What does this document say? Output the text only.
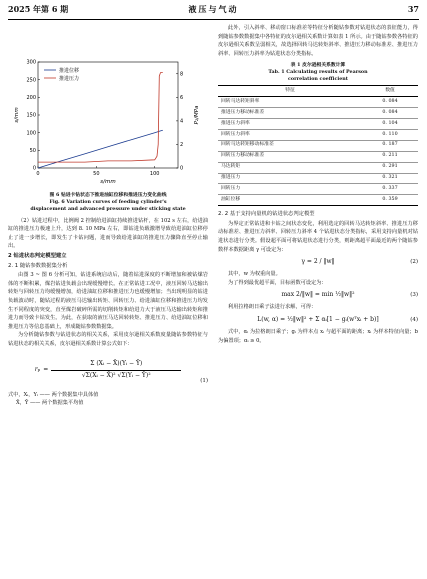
2025 年第 6 期	液压与气动	37
0	50	100
0
50
100
150
200
250
300
0
2
4
6
8
s/mm
s/mm	P₂/MPa
推进位移
推进压力
图 6 钻进卡钻状态下推进油缸位移和推进压力变化曲线
Fig. 6 Variation curves of feeding cylinder's
displacement and advanced pressure under sticking state

（2）钻进过程中，比例阀 2 控制给进油缸持续推进钻杆，在 102 s 左右，给进油缸的推进压力极速上升，达到 8. 10 MPa 左右，即钻进负载激增导致给进油缸位移停止了进一步增长，即发生了卡钻问题，进而导致给进油缸的推进压力骤降直至停止输出。

2 钻进状态判定模型建立
2. 1 随钻参数数据集分析

由图 3 ~ 图 6 分析可知，钻进系统启动后，随着钻进深度的不断增加和被钻煤岩体的不断积累，煤岩钻进负载会出现缓慢增长。在正常钻进工况中，液压回转马达输出转矩与回转压力均缓慢增加，给进油缸位移和推进压力也缓慢增加；当出现明显的钻进负载波动时，随钻过程的液压马达输出转矩、回转压力、给进油缸位移和推进压力均发生不同程度的突变，直至煤岩破碎所需的切削转矩和给进力大于液压马达输出转矩和推进力而导致卡钻发生。为此，在获取的液压马达回转转矩、推进压力、给进油缸位移和推进压力等信息基础上，形成随钻参数数据集。

为分析随钻参数与钻进状态的相关关系，采用皮尔逊相关系数度量随钻参数特征与钻进状态的相关关系，皮尔逊相关系数计算公式如下：

r p =
Σ (Xᵢ − X̄)(Yᵢ − Ȳ)
√Σ(Xᵢ − X̄)² √Σ(Yᵢ − Ȳ)²
(1)
式中，Xᵢ，Yᵢ —— 两个数据集中具体值
X̄，Ȳ —— 两个数据集平均值

此外，引入斜率、移动窗口标准差等特征分析随钻参数对钻进状态的表征能力，得到随钻参数数据集中各特征的皮尔逊相关系数计算如表 1 所示。由于随钻参数各特征的皮尔逊相关系数呈弱相关，故选择回转马达转矩斜率、推进压力移动标准差、推进压力斜率、回转压力斜率为钻进状态分类指标。

表 1 皮尔逊相关系数计算
Tab. 1 Calculating results of Pearson
correlation coefficient
特征	数值
回转马达转矩斜率	0. 084
推进压力移动标准差	0. 084
推进压力斜率	0. 104
回转压力斜率	0. 110
回转马达转矩移动标准差	0. 187
回转压力移动标准差	0. 211
马达转矩	0. 291
推进压力	0. 321
回转压力	0. 337
油缸位移	0. 359
2. 2 基于支持向量机的钻进状态判定模型

为界定正常钻进和卡钻之间状态变化，利用选定的回转马达转矩斜率、推进压力移动标准差、推进压力斜率、回转压力斜率 4 个钻进状态分类指标，采用支持向量机对钻进状态进行分类。假设超平面可将钻进状态进行分类，则距离超平面最近的两个随钻参数样本数据距离 γ 可设定为：

γ = 2 / ‖w‖	(2)

其中，w 为权重向量。

为了得到最优超平面，目标函数可设定为：

max 2/‖w‖ = min ½‖w‖²	(3)

利用拉格朗日乘子法进行求解，可得：

L(w, α) = ½‖w‖² + Σ αᵢ[1 − gᵢ(wᵀxᵢ + b)]	(4)

式中，αᵢ 为拉格朗日乘子；gᵢ 为样本点 xᵢ 与超平面的距离；xᵢ 为样本特征向量；b 为偏置项；αᵢ ≥ 0。
